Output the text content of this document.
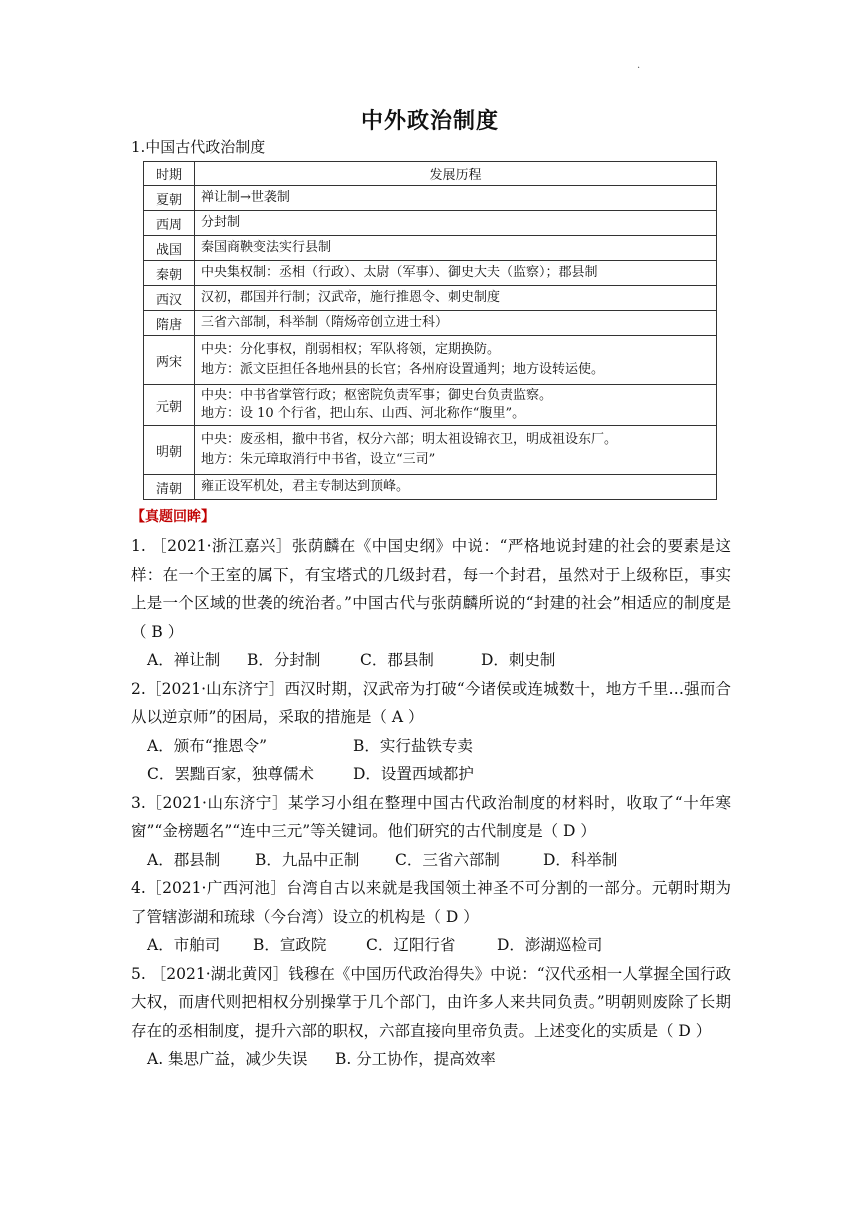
.
中外政治制度
1.中国古代政治制度
时期	发展历程
夏朝	禅让制→世袭制

西周	分封制

战国	秦国商鞅变法实行县制

秦朝	中央集权制：丞相（行政）、太尉（军事）、御史大夫（监察）；郡县制

西汉	汉初，郡国并行制；汉武帝，施行推恩令、刺史制度

隋唐	三省六部制，科举制（隋炀帝创立进士科）

两宋	中央：分化事权，削弱相权；军队将领，定期换防。
地方：派文臣担任各地州县的长官；各州府设置通判；地方设转运使。

元朝	中央：中书省掌管行政；枢密院负责军事；御史台负责监察。
地方：设 10 个行省，把山东、山西、河北称作“腹里”。

明朝	中央：废丞相，撤中书省，权分六部；明太祖设锦衣卫，明成祖设东厂。
地方：朱元璋取消行中书省，设立“三司”

清朝	雍正设军机处，君主专制达到顶峰。
【真题回眸】
1. ［2021·浙江嘉兴］张荫麟在《中国史纲》中说：“严格地说封建的社会的要素是这样：在一个王室的属下，有宝塔式的几级封君，每一个封君，虽然对于上级称臣，事实上是一个区域的世袭的统治者。”中国古代与张荫麟所说的“封建的社会”相适应的制度是（ B ）
A．禅让制	B．分封制	C．郡县制	D．刺史制
2.［2021·山东济宁］西汉时期，汉武帝为打破“今诸侯或连城数十，地方千里…强而合从以逆京师”的困局，采取的措施是（ A ）
A．颁布“推恩令”	B．实行盐铁专卖
C．罢黜百家，独尊儒术	D．设置西域都护
3.［2021·山东济宁］某学习小组在整理中国古代政治制度的材料时，收取了“十年寒窗”“金榜题名”“连中三元”等关键词。他们研究的古代制度是（ D ）
A．郡县制	B．九品中正制	C．三省六部制	D．科举制
4.［2021·广西河池］台湾自古以来就是我国领土神圣不可分割的一部分。元朝时期为了管辖澎湖和琉球（今台湾）设立的机构是（ D ）
A．市舶司	B．宣政院	C．辽阳行省	D．澎湖巡检司
5. ［2021·湖北黄冈］钱穆在《中国历代政治得失》中说：“汉代丞相一人掌握全国行政大权，而唐代则把相权分别操掌于几个部门，由许多人来共同负责。”明朝则废除了长期存在的丞相制度，提升六部的职权，六部直接向里帝负责。上述变化的实质是（ D ）
A. 集思广益，减少失误	B. 分工协作，提高效率
